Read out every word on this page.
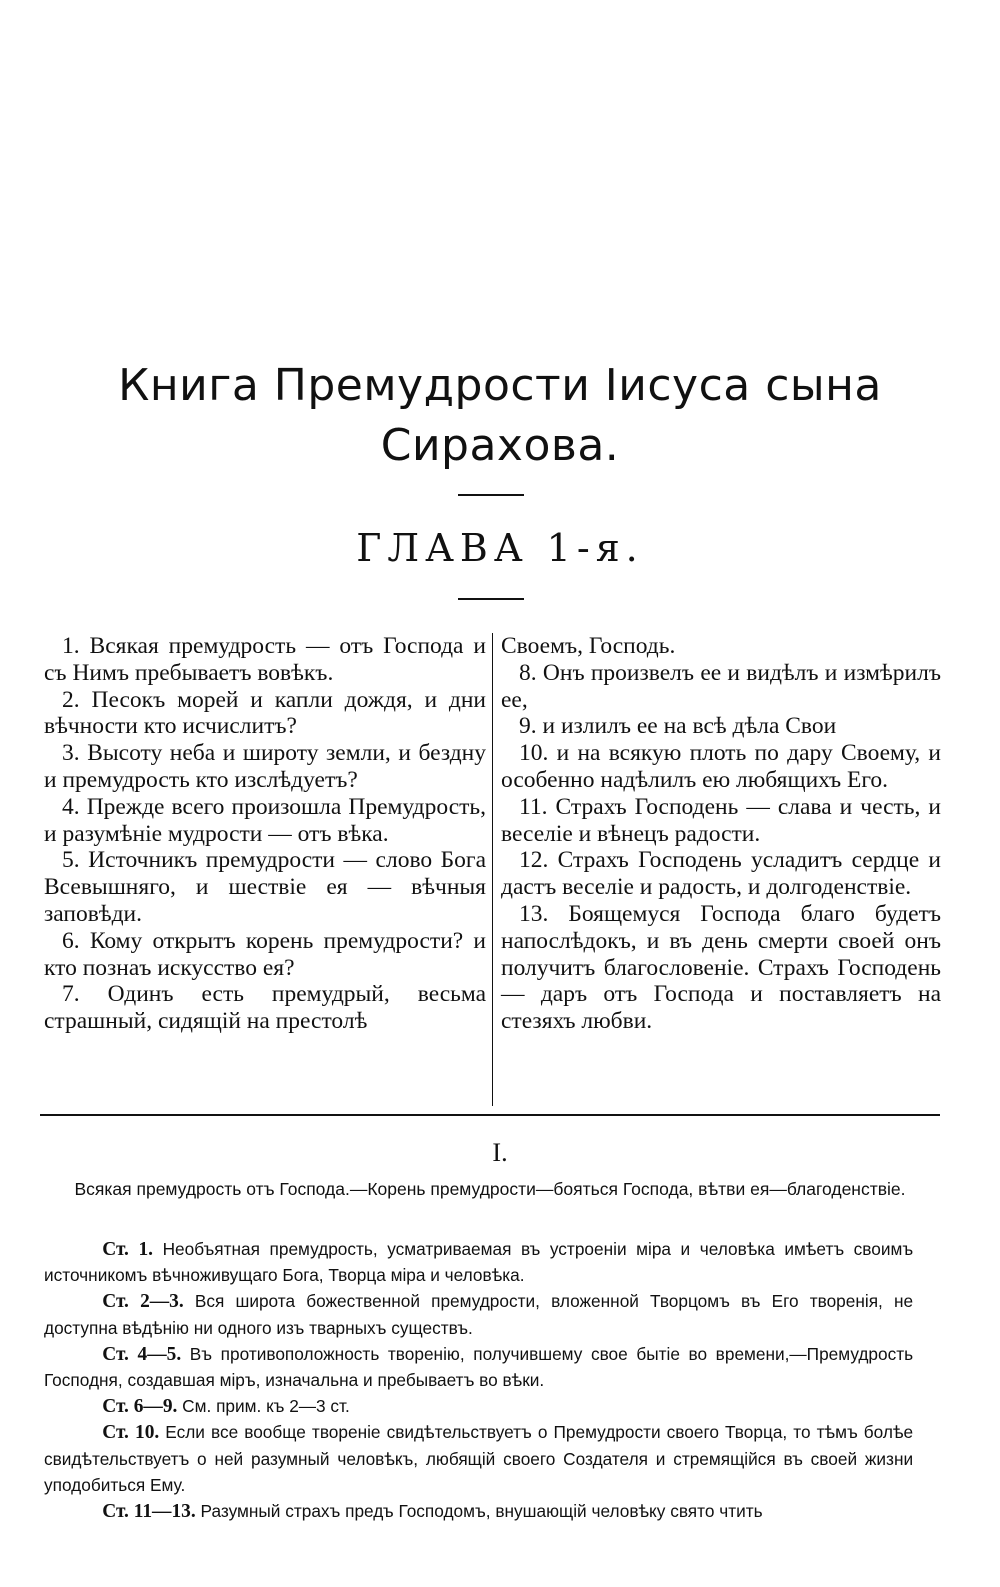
Книга Премудрости Іисуса сына
Сирахова.
ГЛАВА 1-я.

1. Всякая премудрость — отъ Господа и съ Нимъ пребываетъ вовѣкъ.

2. Песокъ морей и капли дождя, и дни вѣчности кто исчислитъ?

3. Высоту неба и широту земли, и бездну и премудрость кто изслѣдуетъ?

4. Прежде всего произошла Премудрость, и разумѣніе мудрости — отъ вѣка.

5. Источникъ премудрости — слово Бога Всевышняго, и шествіе ея — вѣчныя заповѣди.

6. Кому открытъ корень премудрости? и кто познаъ искусство ея?

7. Одинъ есть премудрый, весьма страшный, сидящій на престолѣ

Своемъ, Господь.

8. Онъ произвелъ ее и видѣлъ и измѣрилъ ее,

9. и излилъ ее на всѣ дѣла Свои

10. и на всякую плоть по дару Своему, и особенно надѣлилъ ею любящихъ Его.

11. Страхъ Господень — слава и честь, и веселіе и вѣнецъ радости.

12. Страхъ Господень усладитъ сердце и дастъ веселіе и радость, и долгоденствіе.

13. Боящемуся Господа благо будетъ напослѣдокъ, и въ день смерти своей онъ получитъ благословеніе. Страхъ Господень — даръ отъ Господа и поставляетъ на стезяхъ любви.

I.
Всякая премудрость отъ Господа.—Корень премудрости—бояться Господа, вѣтви ея—благоденствіе.

Ст. 1. Необъятная премудрость, усматриваемая въ устроеніи міра и человѣка имѣетъ своимъ источникомъ вѣчноживущаго Бога, Творца міра и человѣка.

Ст. 2—3. Вся широта божественной премудрости, вложенной Творцомъ въ Его творенія, не доступна вѣдѣнію ни одного изъ тварныхъ существъ.

Ст. 4—5. Въ противоположность творенію, получившему свое бытіе во времени,—Премудрость Господня, создавшая міръ, изначальна и пребываетъ во вѣки.

Ст. 6—9. См. прим. къ 2—3 ст.

Ст. 10. Если все вообще твореніе свидѣтельствуетъ о Премудрости своего Творца, то тѣмъ болѣе свидѣтельствуетъ о ней разумный человѣкъ, любящій своего Создателя и стремящійся въ своей жизни уподобиться Ему.

Ст. 11—13. Разумный страхъ предъ Господомъ, внушающій человѣку свято чтить
